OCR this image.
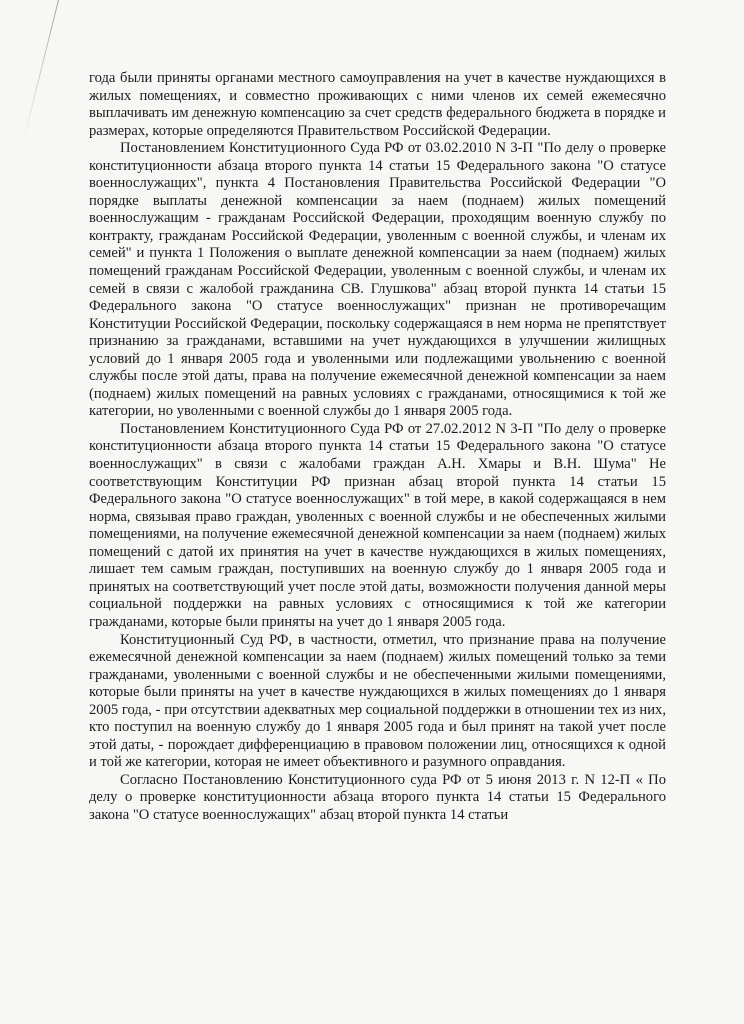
года были приняты органами местного самоуправления на учет в качестве нуждающихся в жилых помещениях, и совместно проживающих с ними членов их семей ежемесячно выплачивать им денежную компенсацию за счет средств федерального бюджета в порядке и размерах, которые определяются Правительством Российской Федерации.

Постановлением Конституционного Суда РФ от 03.02.2010 N 3-П "По делу о проверке конституционности абзаца второго пункта 14 статьи 15 Федерального закона "О статусе военнослужащих", пункта 4 Постановления Правительства Российской Федерации "О порядке выплаты денежной компенсации за наем (поднаем) жилых помещений военнослужащим - гражданам Российской Федерации, проходящим военную службу по контракту, гражданам Российской Федерации, уволенным с военной службы, и членам их семей" и пункта 1 Положения о выплате денежной компенсации за наем (поднаем) жилых помещений гражданам Российской Федерации, уволенным с военной службы, и членам их семей в связи с жалобой гражданина СВ. Глушкова" абзац второй пункта 14 статьи 15 Федерального закона "О статусе военнослужащих" признан не противоречащим Конституции Российской Федерации, поскольку содержащаяся в нем норма не препятствует признанию за гражданами, вставшими на учет нуждающихся в улучшении жилищных условий до 1 января 2005 года и уволенными или подлежащими увольнению с военной службы после этой даты, права на получение ежемесячной денежной компенсации за наем (поднаем) жилых помещений на равных условиях с гражданами, относящимися к той же категории, но уволенными с военной службы до 1 января 2005 года.

Постановлением Конституционного Суда РФ от 27.02.2012 N 3-П "По делу о проверке конституционности абзаца второго пункта 14 статьи 15 Федерального закона "О статусе военнослужащих" в связи с жалобами граждан А.Н. Хмары и В.Н. Шума" Не соответствующим Конституции РФ признан абзац второй пункта 14 статьи 15 Федерального закона "О статусе военнослужащих" в той мере, в какой содержащаяся в нем норма, связывая право граждан, уволенных с военной службы и не обеспеченных жилыми помещениями, на получение ежемесячной денежной компенсации за наем (поднаем) жилых помещений с датой их принятия на учет в качестве нуждающихся в жилых помещениях, лишает тем самым граждан, поступивших на военную службу до 1 января 2005 года и принятых на соответствующий учет после этой даты, возможности получения данной меры социальной поддержки на равных условиях с относящимися к той же категории гражданами, которые были приняты на учет до 1 января 2005 года.

Конституционный Суд РФ, в частности, отметил, что признание права на получение ежемесячной денежной компенсации за наем (поднаем) жилых помещений только за теми гражданами, уволенными с военной службы и не обеспеченными жилыми помещениями, которые были приняты на учет в качестве нуждающихся в жилых помещениях до 1 января 2005 года, - при отсутствии адекватных мер социальной поддержки в отношении тех из них, кто поступил на военную службу до 1 января 2005 года и был принят на такой учет после этой даты, - порождает дифференциацию в правовом положении лиц, относящихся к одной и той же категории, которая не имеет объективного и разумного оправдания.

Согласно Постановлению Конституционного суда РФ от 5 июня 2013 г. N 12-П « По делу о проверке конституционности абзаца второго пункта 14 статьи 15 Федерального закона "О статусе военнослужащих" абзац второй пункта 14 статьи
